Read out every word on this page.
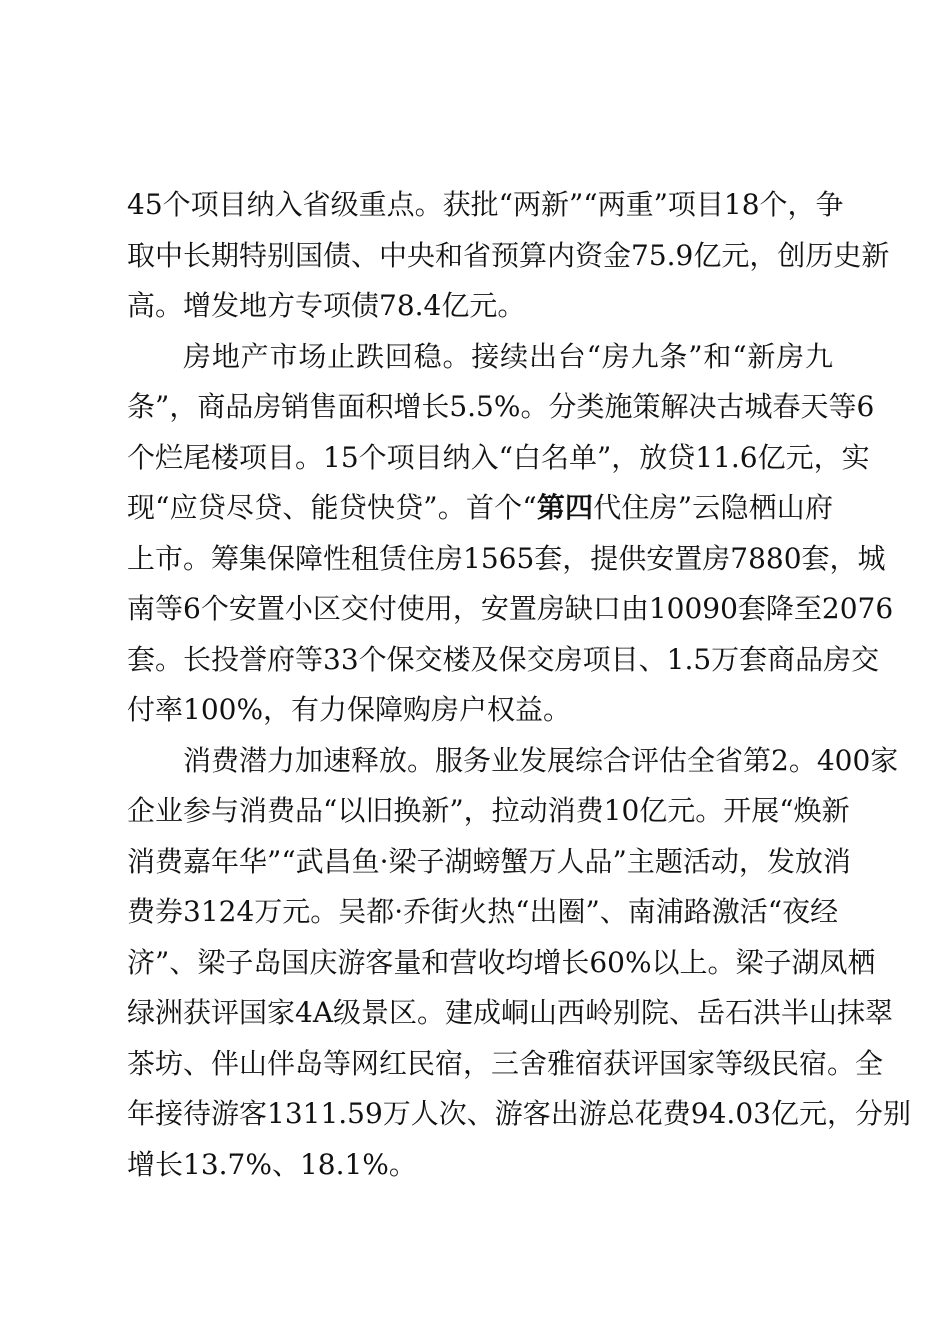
45个项目纳入省级重点。获批“两新”“两重”项目18个，争
取中长期特别国债、中央和省预算内资金75.9亿元，创历史新
高。增发地方专项债78.4亿元。
房地产市场止跌回稳。接续出台“房九条”和“新房九
条”，商品房销售面积增长5.5%。分类施策解决古城春天等6
个烂尾楼项目。15个项目纳入“白名单”，放贷11.6亿元，实
现“应贷尽贷、能贷快贷”。首个“第四代住房”云隐栖山府
上市。筹集保障性租赁住房1565套，提供安置房7880套，城
南等6个安置小区交付使用，安置房缺口由10090套降至2076
套。长投誉府等33个保交楼及保交房项目、1.5万套商品房交
付率100%，有力保障购房户权益。
消费潜力加速释放。服务业发展综合评估全省第2。400家
企业参与消费品“以旧换新”，拉动消费10亿元。开展“焕新
消费嘉年华”“武昌鱼·梁子湖螃蟹万人品”主题活动，发放消
费券3124万元。吴都·乔街火热“出圈”、南浦路激活“夜经
济”、梁子岛国庆游客量和营收均增长60%以上。梁子湖凤栖
绿洲获评国家4A级景区。建成峒山西岭别院、岳石洪半山抹翠
茶坊、伴山伴岛等网红民宿，三舍雅宿获评国家等级民宿。全
年接待游客1311.59万人次、游客出游总花费94.03亿元，分别
增长13.7%、18.1%。
